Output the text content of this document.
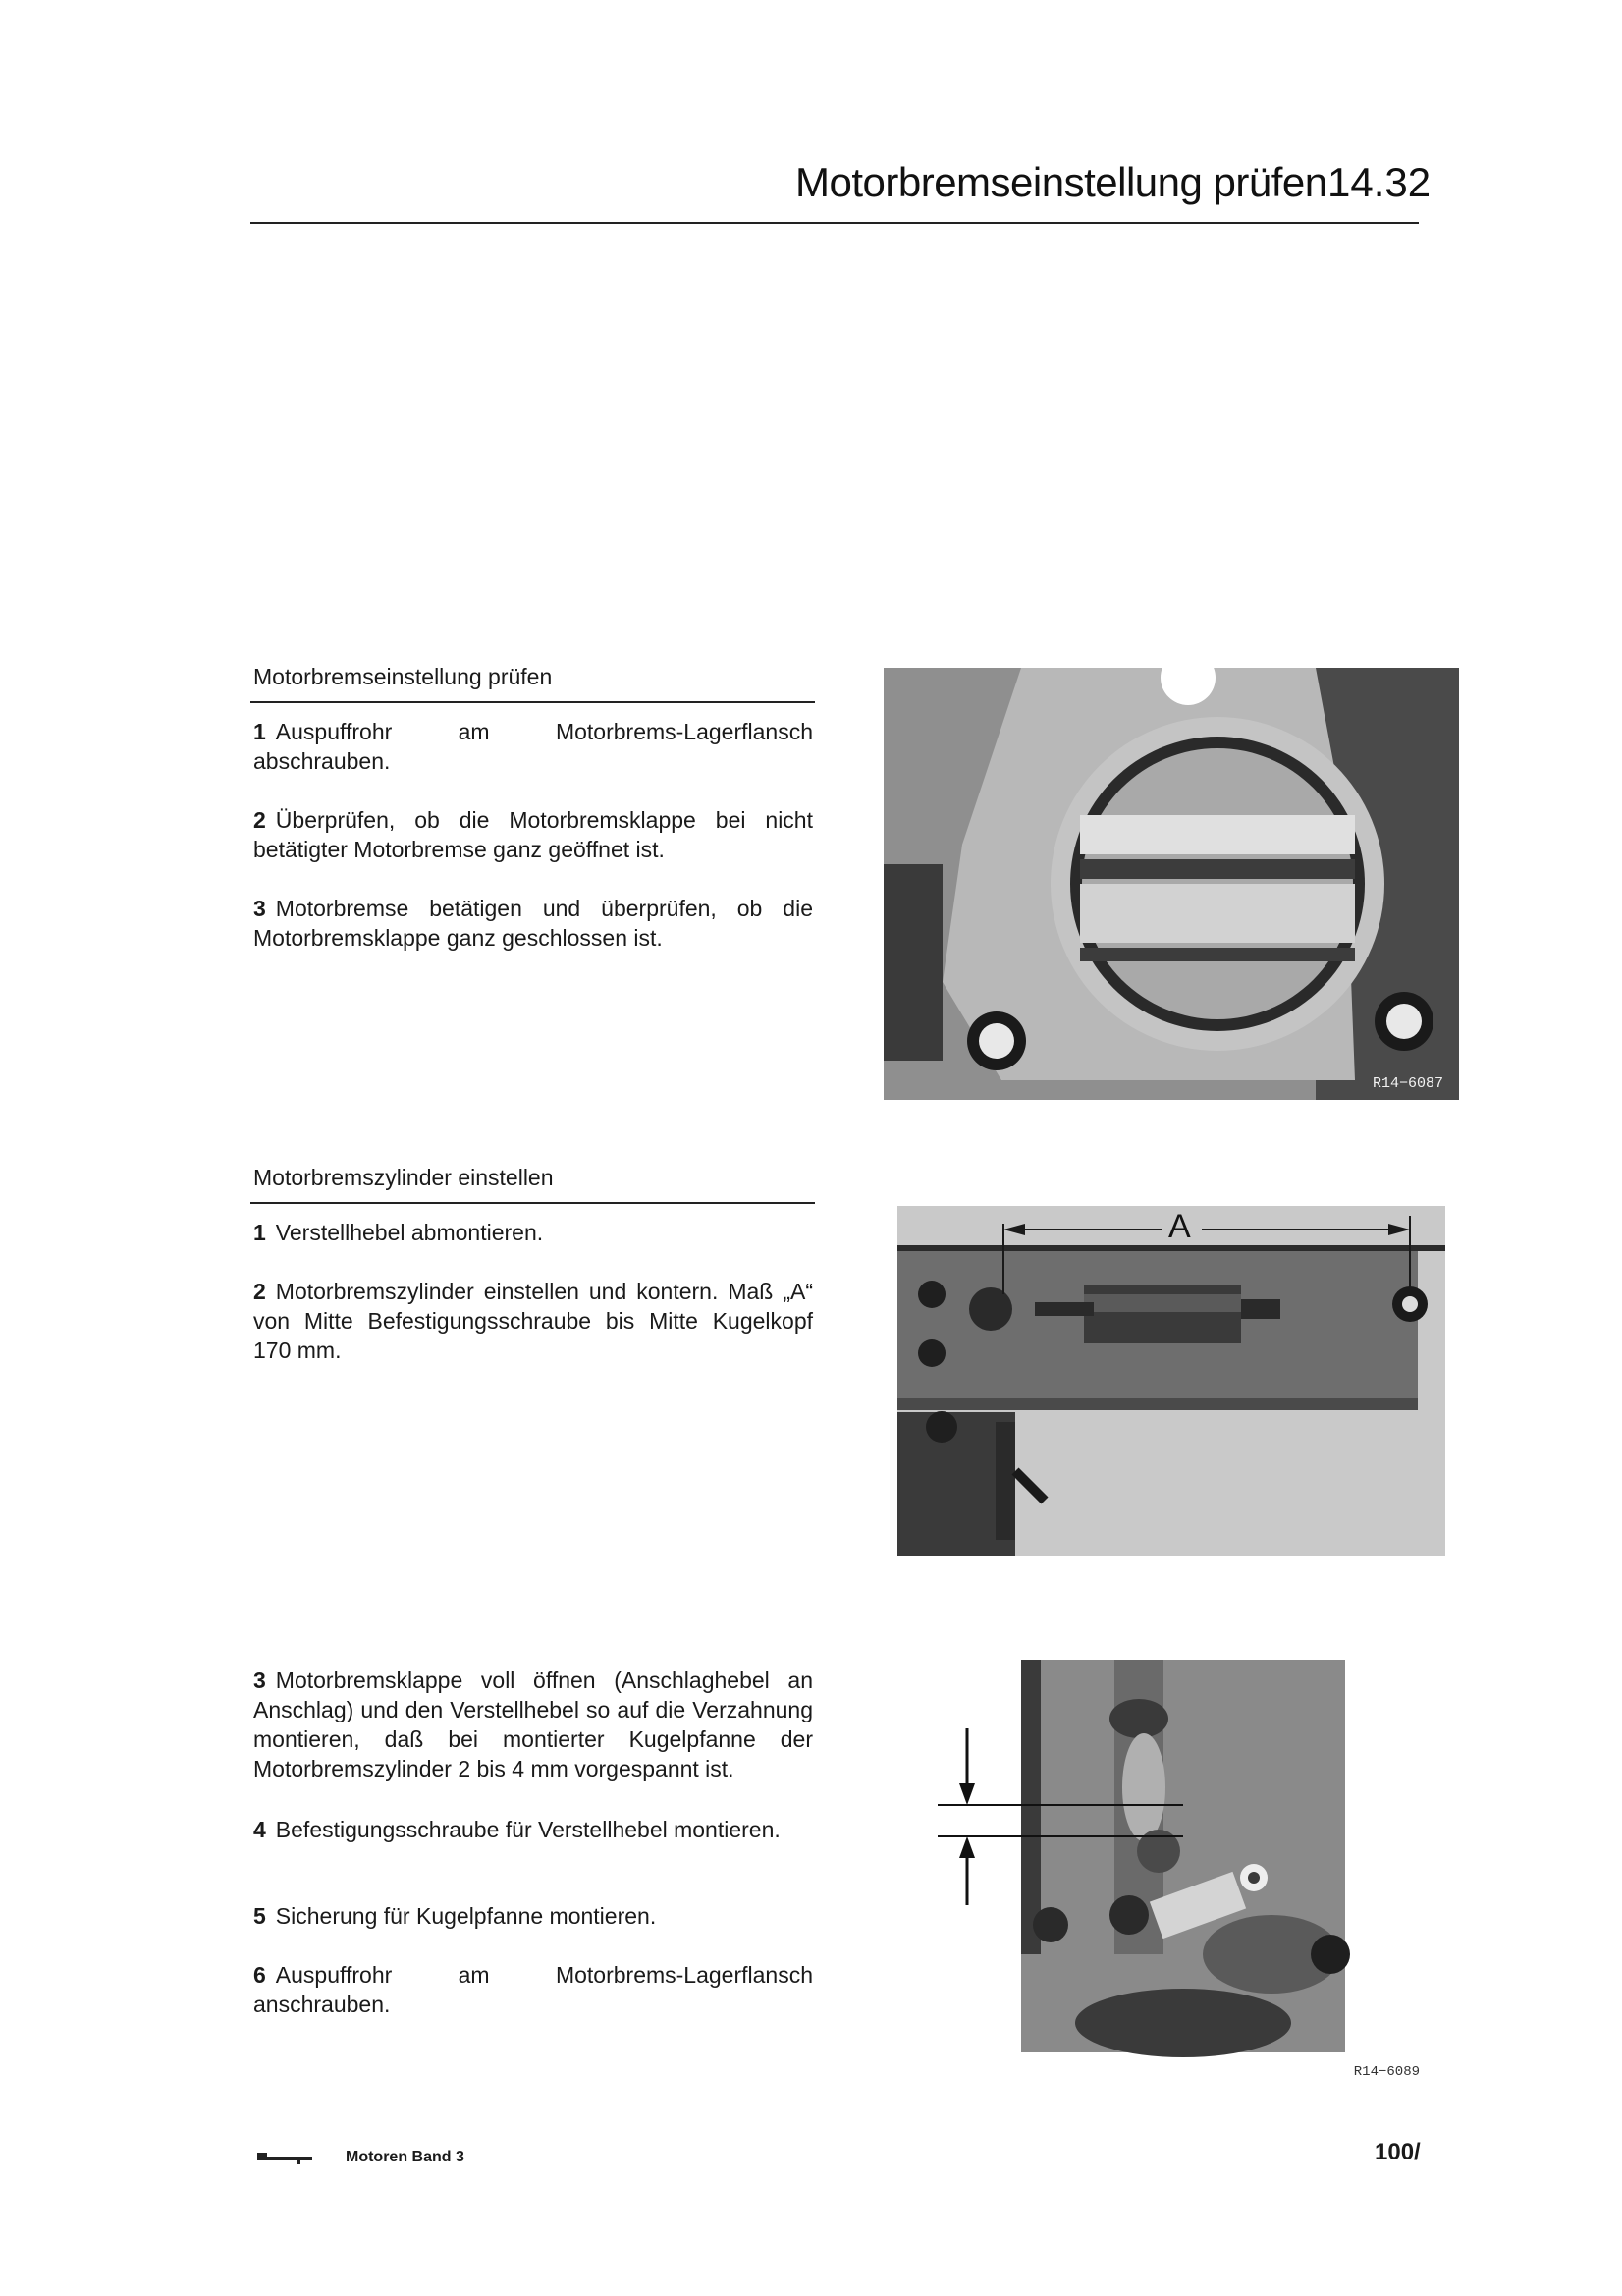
Motorbremseinstellung prüfen 14.32
Motorbremseinstellung prüfen
1 Auspuffrohr am Motorbrems-Lagerflansch abschrauben.
2 Überprüfen, ob die Motorbremsklappe bei nicht betätigter Motorbremse ganz geöffnet ist.
3 Motorbremse betätigen und überprüfen, ob die Motorbremsklappe ganz geschlossen ist.
R14−6087
Motorbremszylinder einstellen
1 Verstellhebel abmontieren.
2 Motorbremszylinder einstellen und kontern. Maß „A“ von Mitte Befestigungsschraube bis Mitte Kugelkopf 170 mm.
A
3 Motorbremsklappe voll öffnen (Anschlaghebel an Anschlag) und den Verstellhebel so auf die Verzahnung montieren, daß bei montierter Kugelpfanne der Motorbremszylinder 2 bis 4 mm vorgespannt ist.
4 Befestigungsschraube für Verstellhebel montieren.
5 Sicherung für Kugelpfanne montieren.
6 Auspuffrohr am Motorbrems-Lagerflansch anschrauben.
R14−6089
Motoren Band 3	100/
